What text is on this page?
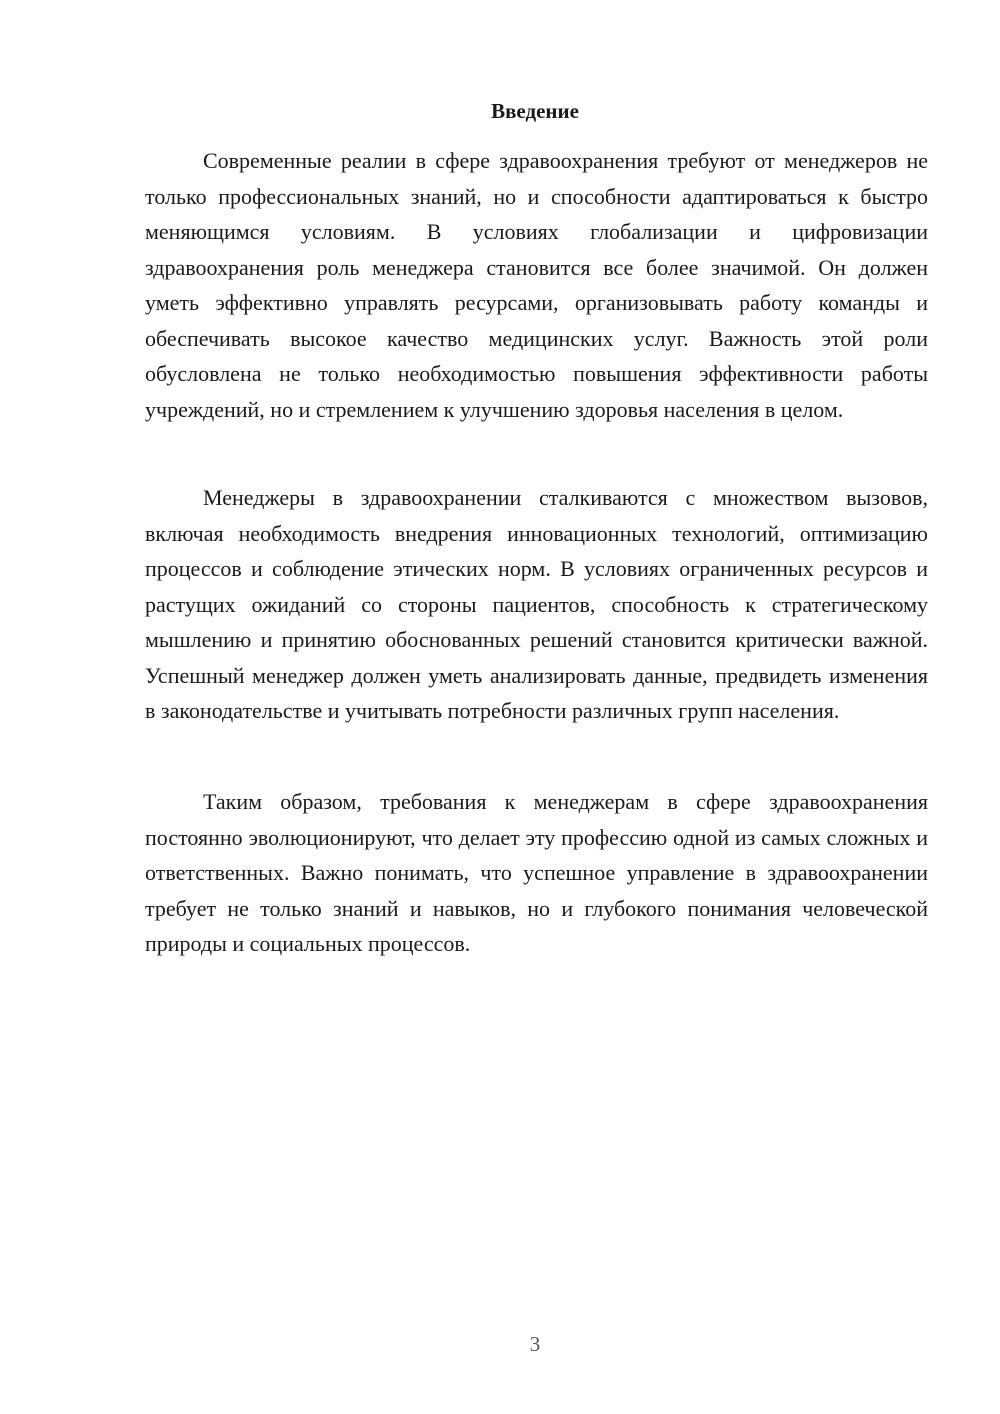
Введение

Современные реалии в сфере здравоохранения требуют от менеджеров не только профессиональных знаний, но и способности адаптироваться к быстро меняющимся условиям. В условиях глобализации и цифровизации здравоохранения роль менеджера становится все более значимой. Он должен уметь эффективно управлять ресурсами, организовывать работу команды и обеспечивать высокое качество медицинских услуг. Важность этой роли обусловлена не только необходимостью повышения эффективности работы учреждений, но и стремлением к улучшению здоровья населения в целом.

Менеджеры в здравоохранении сталкиваются с множеством вызовов, включая необходимость внедрения инновационных технологий, оптимизацию процессов и соблюдение этических норм. В условиях ограниченных ресурсов и растущих ожиданий со стороны пациентов, способность к стратегическому мышлению и принятию обоснованных решений становится критически важной. Успешный менеджер должен уметь анализировать данные, предвидеть изменения в законодательстве и учитывать потребности различных групп населения.

Таким образом, требования к менеджерам в сфере здравоохранения постоянно эволюционируют, что делает эту профессию одной из самых сложных и ответственных. Важно понимать, что успешное управление в здравоохранении требует не только знаний и навыков, но и глубокого понимания человеческой природы и социальных процессов.

3
